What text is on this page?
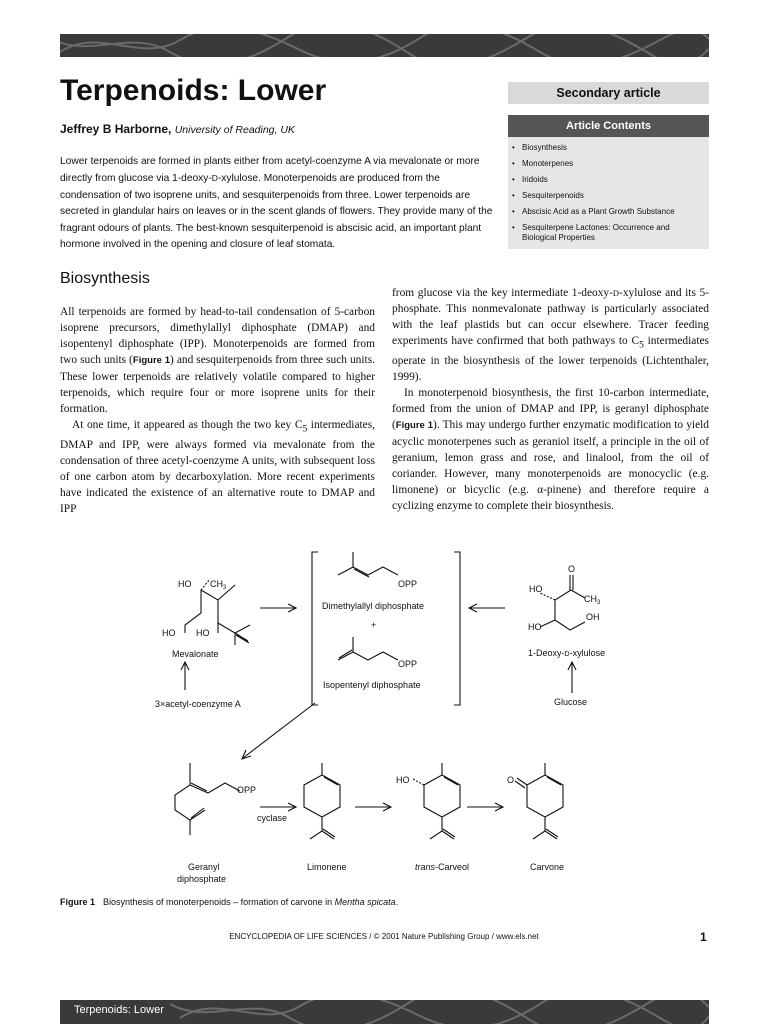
Terpenoids: Lower
Jeffrey B Harborne, University of Reading, UK

Lower terpenoids are formed in plants either from acetyl-coenzyme A via mevalonate or more directly from glucose via 1-deoxy-D-xylulose. Monoterpenoids are produced from the condensation of two isoprene units, and sesquiterpenoids from three. Lower terpenoids are secreted in glandular hairs on leaves or in the scent glands of flowers. They provide many of the fragrant odours of plants. The best-known sesquiterpenoid is abscisic acid, an important plant hormone involved in the opening and closure of leaf stomata.

Secondary article
Article Contents
• Biosynthesis
• Monoterpenes
• Iridoids
• Sesquiterpenoids
• Abscisic Acid as a Plant Growth Substance
• Sesquiterpene Lactones: Occurrence and Biological Properties
Biosynthesis

All terpenoids are formed by head-to-tail condensation of 5-carbon isoprene precursors, dimethylallyl diphosphate (DMAP) and isopentenyl diphosphate (IPP). Monoterpenoids are formed from two such units (Figure 1) and sesquiterpenoids from three such units. These lower terpenoids are relatively volatile compared to higher terpenoids, which require four or more isoprene units for their formation.
At one time, it appeared as though the two key $C_5$ intermediates, DMAP and IPP, were always formed via mevalonate from the condensation of three acetyl-coenzyme A units, with subsequent loss of one carbon atom by decarboxylation. More recent experiments have indicated the existence of an alternative route to DMAP and IPP

from glucose via the key intermediate 1-deoxy-D-xylulose and its 5-phosphate. This nonmevalonate pathway is particularly associated with the leaf plastids but can occur elsewhere. Tracer feeding experiments have confirmed that both pathways to $C_5$ intermediates operate in the biosynthesis of the lower terpenoids (Lichtenthaler, 1999).
In monoterpenoid biosynthesis, the first 10-carbon intermediate, formed from the union of DMAP and IPP, is geranyl diphosphate (Figure 1). This may undergo further enzymatic modification to yield acyclic monoterpenes such as geraniol itself, a principle in the oil of geranium, lemon grass and rose, and linalool, from the oil of coriander. However, many monoterpenoids are monocyclic (e.g. limonene) or bicyclic (e.g. α-pinene) and therefore require a cyclizing enzyme to complete their biosynthesis.

HO $CH_3$
HO HO
Mevalonate
3×acetyl-coenzyme A
OPP
Dimethylallyl diphosphate
+
OPP
Isopentenyl diphosphate
O
HO
$CH_3$
OH
HO
1-Deoxy-D-xylulose
Glucose
OPP
cyclase
Geranyl
diphosphate
Limonene
HO
trans-Carveol
O
Carvone
Figure 1 Biosynthesis of monoterpenoids – formation of carvone in Mentha spicata.
ENCYCLOPEDIA OF LIFE SCIENCES / © 2001 Nature Publishing Group / www.els.net	1
Terpenoids: Lower
